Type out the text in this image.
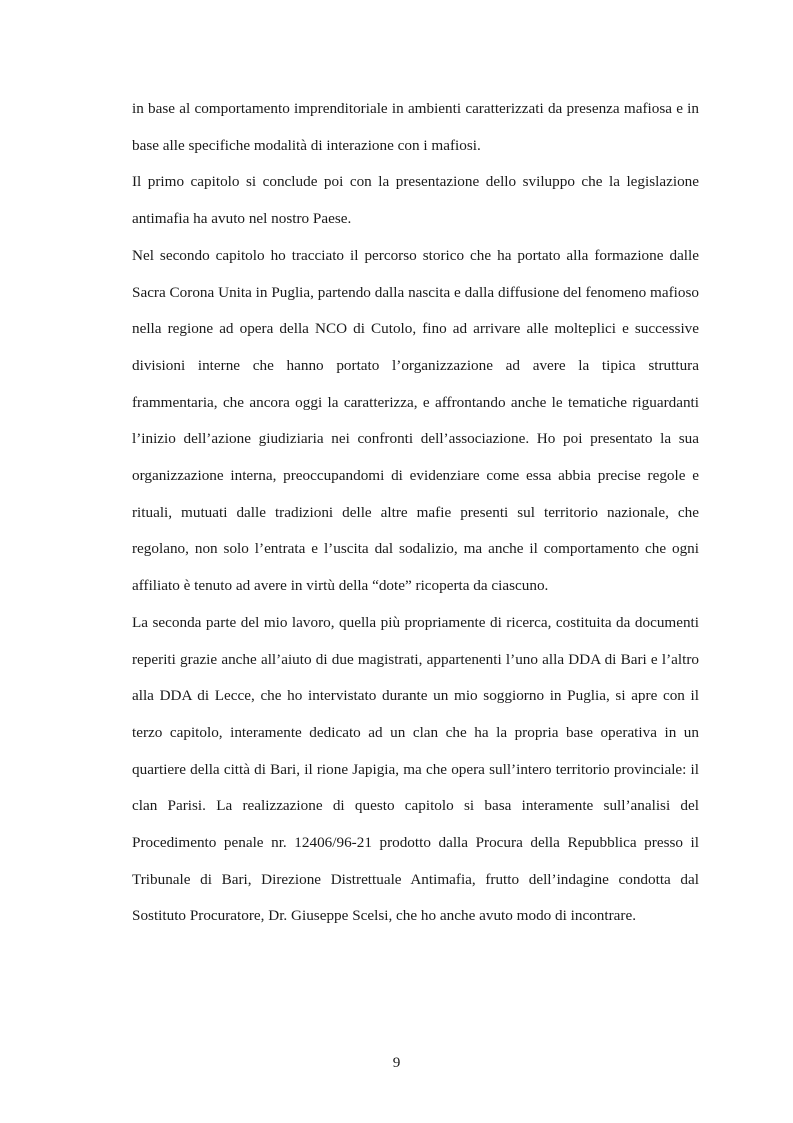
in base al comportamento imprenditoriale in ambienti caratterizzati da presenza mafiosa e in base alle specifiche modalità di interazione con i mafiosi.

Il primo capitolo si conclude poi con la presentazione dello sviluppo che la legislazione antimafia ha avuto nel nostro Paese.

Nel secondo capitolo ho tracciato il percorso storico che ha portato alla formazione dalle Sacra Corona Unita in Puglia, partendo dalla nascita e dalla diffusione del fenomeno mafioso nella regione ad opera della NCO di Cutolo, fino ad arrivare alle molteplici e successive divisioni interne che hanno portato l’organizzazione ad avere la tipica struttura frammentaria, che ancora oggi la caratterizza, e affrontando anche le tematiche riguardanti l’inizio dell’azione giudiziaria nei confronti dell’associazione. Ho poi presentato la sua organizzazione interna, preoccupandomi di evidenziare come essa abbia precise regole e rituali, mutuati dalle tradizioni delle altre mafie presenti sul territorio nazionale, che regolano, non solo l’entrata e l’uscita dal sodalizio, ma anche il comportamento che ogni affiliato è tenuto ad avere in virtù della “dote” ricoperta da ciascuno.

La seconda parte del mio lavoro, quella più propriamente di ricerca, costituita da documenti reperiti grazie anche all’aiuto di due magistrati, appartenenti l’uno alla DDA di Bari e l’altro alla DDA di Lecce, che ho intervistato durante un mio soggiorno in Puglia, si apre con il terzo capitolo, interamente dedicato ad un clan che ha la propria base operativa in un quartiere della città di Bari, il rione Japigia, ma che opera sull’intero territorio provinciale: il clan Parisi. La realizzazione di questo capitolo si basa interamente sull’analisi del Procedimento penale nr. 12406/96-21 prodotto dalla Procura della Repubblica presso il Tribunale di Bari, Direzione Distrettuale Antimafia, frutto dell’indagine condotta dal Sostituto Procuratore, Dr. Giuseppe Scelsi, che ho anche avuto modo di incontrare.

9
